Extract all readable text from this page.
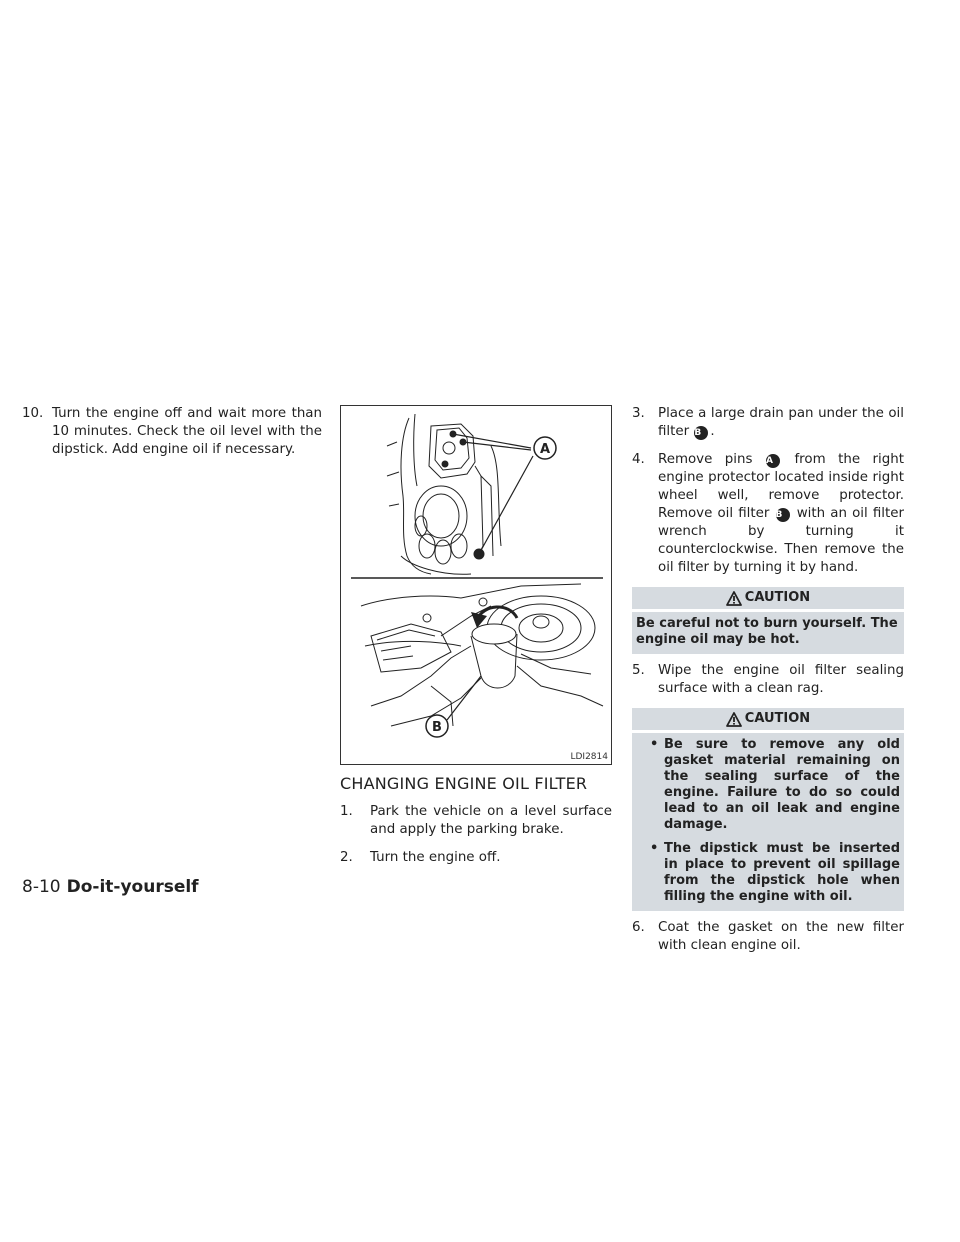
10. Turn the engine off and wait more than 10 minutes. Check the oil level with the dipstick. Add engine oil if necessary.	A
B
LDI2814
CHANGING ENGINE OIL FILTER
1.	Park the vehicle on a level surface and apply the parking brake.
2.	Turn the engine off.
3. Place a large drain pan under the oil filter B .
4. Remove pins A from the right engine protector located inside right wheel well, remove protector. Remove oil filter B with an oil filter wrench by turning it counterclockwise. Then remove the oil filter by turning it by hand.
CAUTION
Be careful not to burn yourself. The engine oil may be hot.
5. Wipe the engine oil filter sealing surface with a clean rag.
CAUTION
• Be sure to remove any old gasket material remaining on the sealing surface of the engine. Failure to do so could lead to an oil leak and engine damage.
• The dipstick must be inserted in place to prevent oil spillage from the dipstick hole when filling the engine with oil.
6. Coat the gasket on the new filter with clean engine oil.
8-10 Do-it-yourself
